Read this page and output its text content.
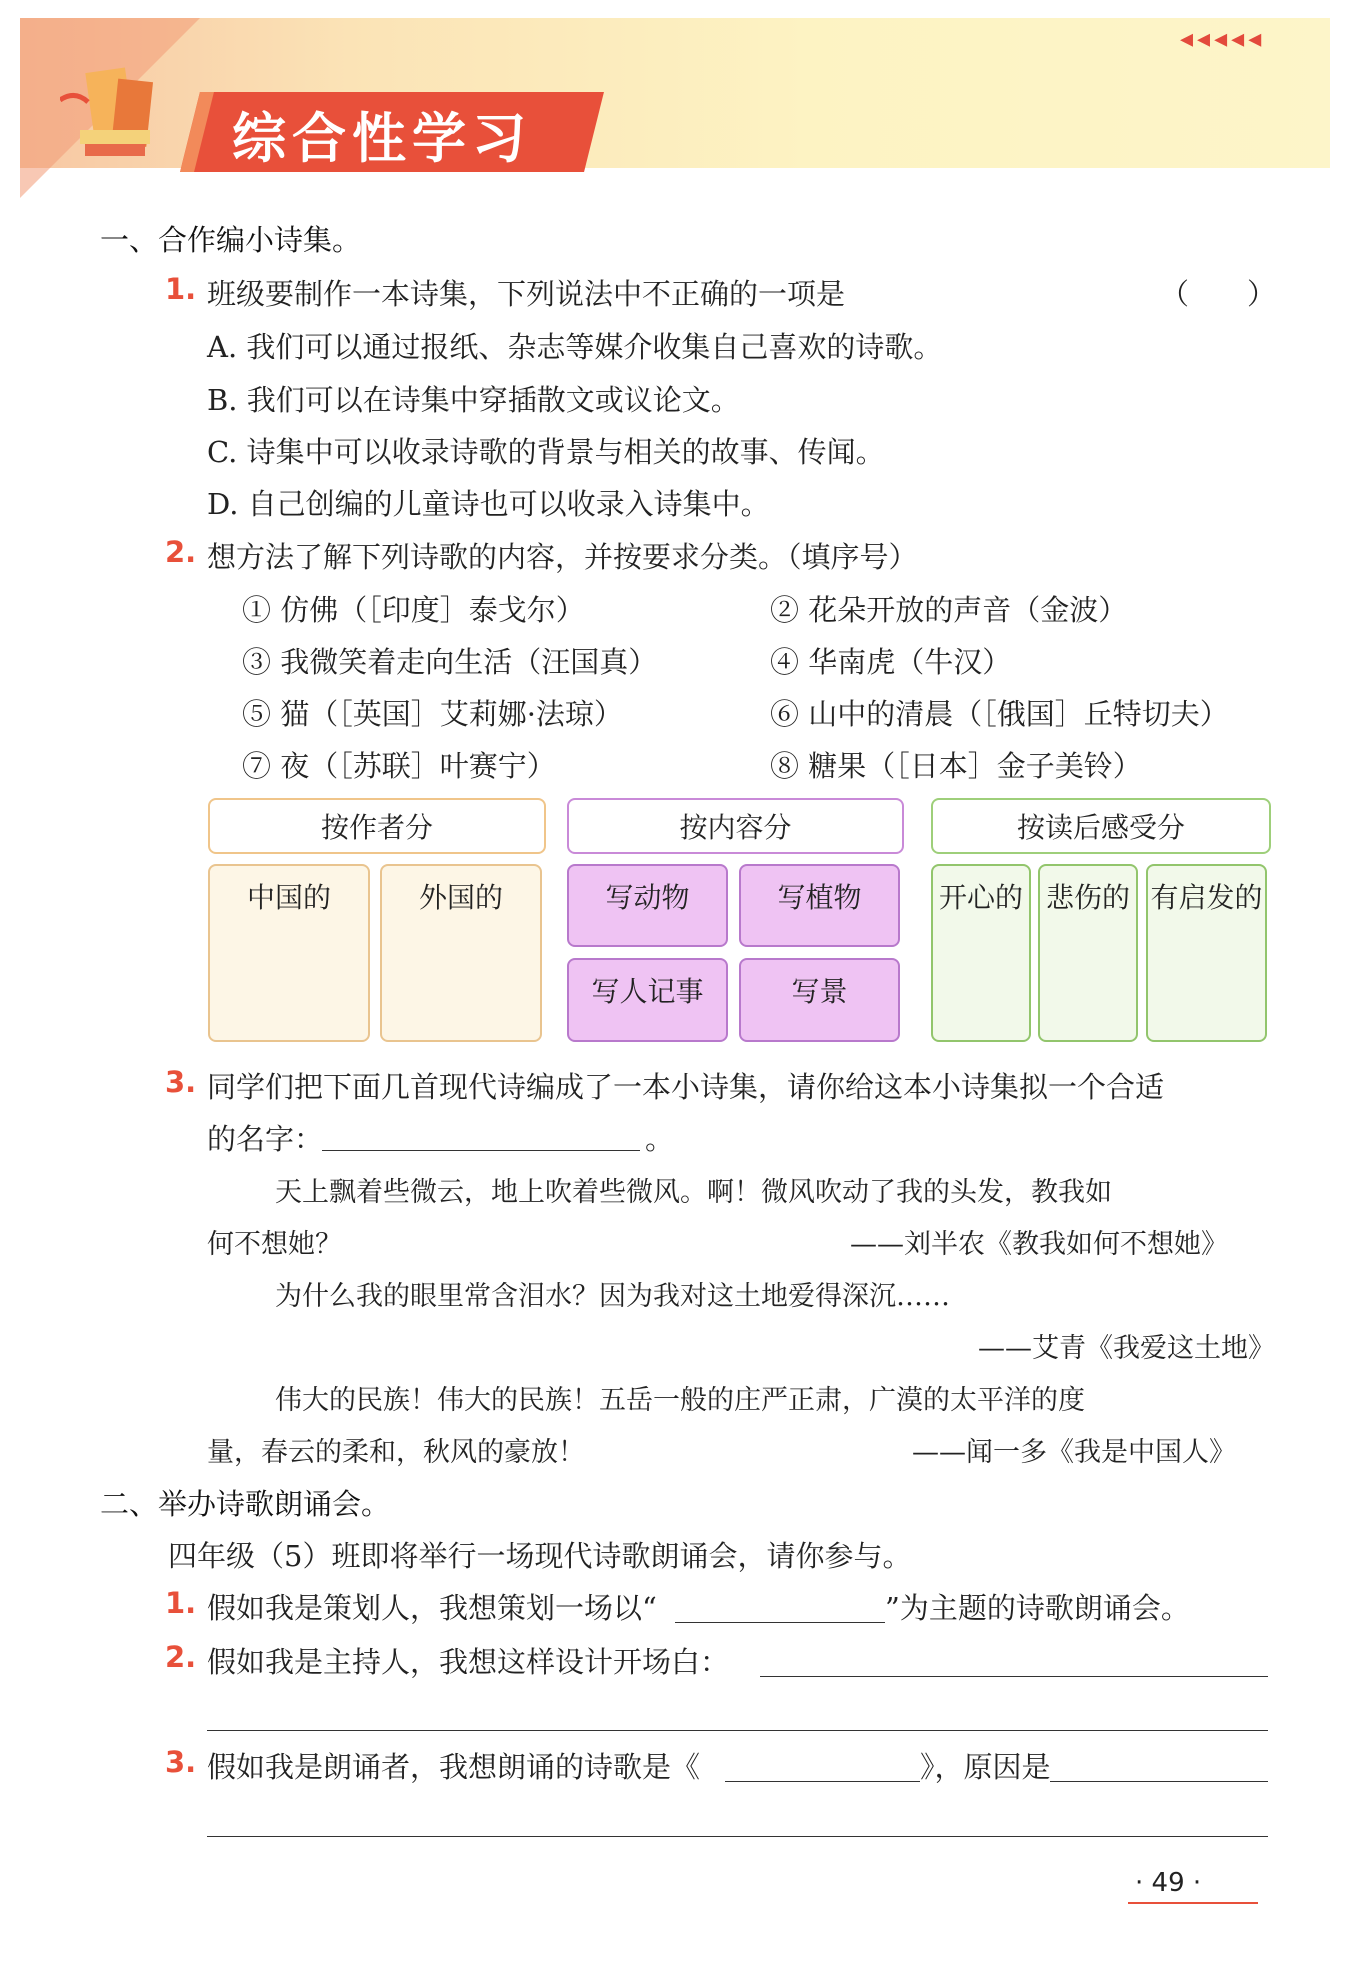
综合性学习
◂◂◂◂◂
一、合作编小诗集。
1. 班级要制作一本诗集，下列说法中不正确的一项是	（　　）
A. 我们可以通过报纸、杂志等媒介收集自己喜欢的诗歌。
B. 我们可以在诗集中穿插散文或议论文。
C. 诗集中可以收录诗歌的背景与相关的故事、传闻。
D. 自己创编的儿童诗也可以收录入诗集中。
2. 想方法了解下列诗歌的内容，并按要求分类。（填序号）
① 仿佛（［印度］泰戈尔）	② 花朵开放的声音（金波）
③ 我微笑着走向生活（汪国真）	④ 华南虎（牛汉）
⑤ 猫（［英国］艾莉娜·法琼）	⑥ 山中的清晨（［俄国］丘特切夫）
⑦ 夜（［苏联］叶赛宁）	⑧ 糖果（［日本］金子美铃）
按作者分
中国的	外国的
按内容分
写动物	写植物
写人记事	写景
按读后感受分
开心的 悲伤的 有启发的
3. 同学们把下面几首现代诗编成了一本小诗集，请你给这本小诗集拟一个合适
的名字：	。
天上飘着些微云，地上吹着些微风。啊！微风吹动了我的头发，教我如
何不想她？	——刘半农《教我如何不想她》
为什么我的眼里常含泪水？因为我对这土地爱得深沉……
——艾青《我爱这土地》
伟大的民族！伟大的民族！五岳一般的庄严正肃，广漠的太平洋的度
量，春云的柔和，秋风的豪放！	——闻一多《我是中国人》
二、举办诗歌朗诵会。
四年级（5）班即将举行一场现代诗歌朗诵会，请你参与。
1. 假如我是策划人，我想策划一场以“	”为主题的诗歌朗诵会。
2. 假如我是主持人，我想这样设计开场白：
3. 假如我是朗诵者，我想朗诵的诗歌是《	》，原因是
· 49 ·
